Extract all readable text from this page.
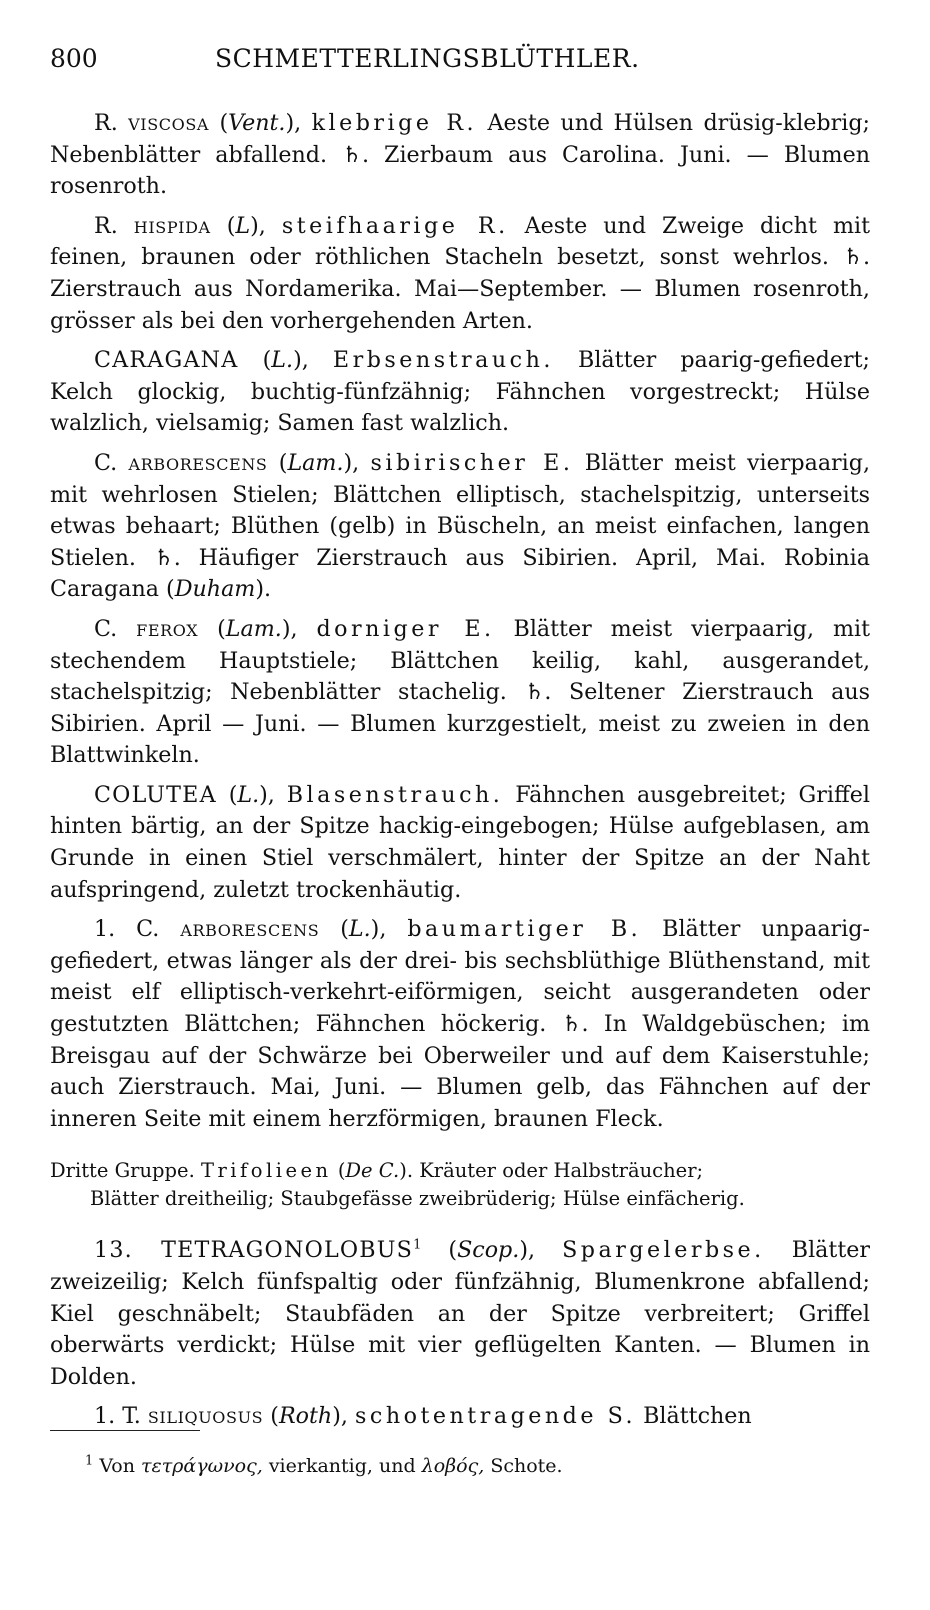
800	SCHMETTERLINGSBLÜTHLER.

R. viscosa (Vent.), klebrige R. Aeste und Hülsen drüsig-klebrig; Nebenblätter abfallend. ♄. Zierbaum aus Carolina. Juni. — Blumen rosenroth.

R. hispida (L), steifhaarige R. Aeste und Zweige dicht mit feinen, braunen oder röthlichen Stacheln besetzt, sonst wehrlos. ♄. Zierstrauch aus Nordamerika. Mai—September. — Blumen rosenroth, grösser als bei den vorhergehenden Arten.

CARAGANA (L.), Erbsenstrauch. Blätter paarig-gefiedert; Kelch glockig, buchtig-fünfzähnig; Fähnchen vorgestreckt; Hülse walzlich, vielsamig; Samen fast walzlich.

C. arborescens (Lam.), sibirischer E. Blätter meist vierpaarig, mit wehrlosen Stielen; Blättchen elliptisch, stachelspitzig, unterseits etwas behaart; Blüthen (gelb) in Büscheln, an meist einfachen, langen Stielen. ♄. Häufiger Zierstrauch aus Sibirien. April, Mai. Robinia Caragana (Duham).

C. ferox (Lam.), dorniger E. Blätter meist vierpaarig, mit stechendem Hauptstiele; Blättchen keilig, kahl, ausgerandet, stachelspitzig; Nebenblätter stachelig. ♄. Seltener Zierstrauch aus Sibirien. April — Juni. — Blumen kurzgestielt, meist zu zweien in den Blattwinkeln.

COLUTEA (L.), Blasenstrauch. Fähnchen ausgebreitet; Griffel hinten bärtig, an der Spitze hackig-eingebogen; Hülse aufgeblasen, am Grunde in einen Stiel verschmälert, hinter der Spitze an der Naht aufspringend, zuletzt trockenhäutig.

1. C. arborescens (L.), baumartiger B. Blätter unpaarig-gefiedert, etwas länger als der drei- bis sechsblüthige Blüthenstand, mit meist elf elliptisch-verkehrt-eiförmigen, seicht ausgerandeten oder gestutzten Blättchen; Fähnchen höckerig. ♄. In Waldgebüschen; im Breisgau auf der Schwärze bei Oberweiler und auf dem Kaiserstuhle; auch Zierstrauch. Mai, Juni. — Blumen gelb, das Fähnchen auf der inneren Seite mit einem herzförmigen, braunen Fleck.

Dritte Gruppe. Trifolieen (De C.). Kräuter oder Halbsträucher;
Blätter dreitheilig; Staubgefässe zweibrüderig; Hülse einfächerig.

13. TETRAGONOLOBUS$^1$ (Scop.), Spargelerbse. Blätter zweizeilig; Kelch fünfspaltig oder fünfzähnig, Blumenkrone abfallend; Kiel geschnäbelt; Staubfäden an der Spitze verbreitert; Griffel oberwärts verdickt; Hülse mit vier geflügelten Kanten. — Blumen in Dolden.

1. T. siliquosus (Roth), schotentragende S. Blättchen

$^1$ Von τετράγωνος, vierkantig, und λοβός, Schote.
